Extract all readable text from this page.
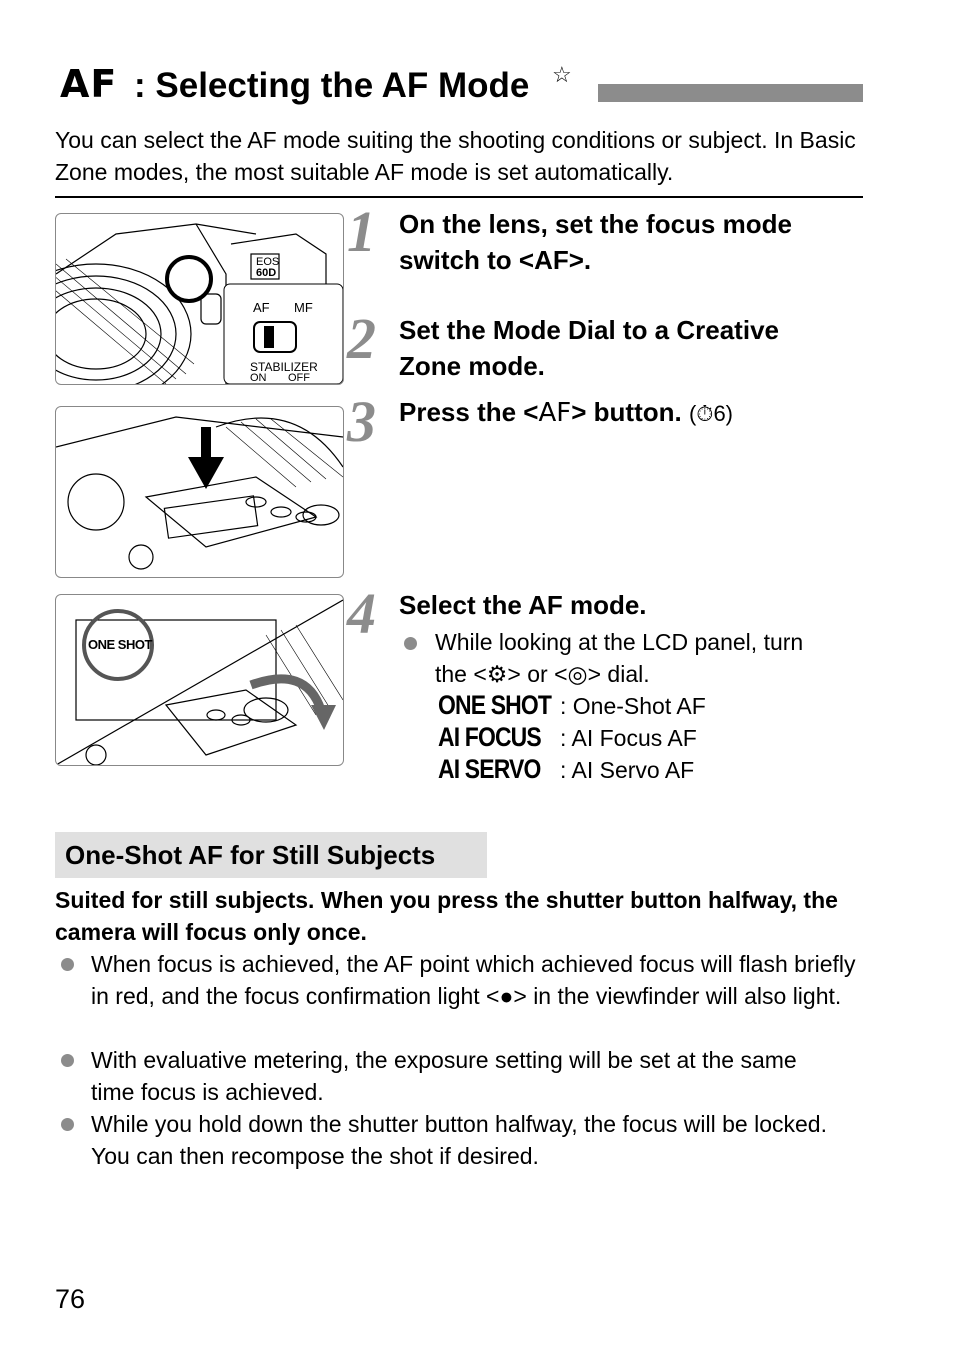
AF : Selecting the AF Mode ☆
You can select the AF mode suiting the shooting conditions or subject. In Basic Zone modes, the most suitable AF mode is set automatically.
AF MF
STABILIZER
ON OFF
EOS
60D
ONE SHOT
1 On the lens, set the focus mode switch to <AF>.
2 Set the Mode Dial to a Creative Zone mode.
3 Press the <AF> button. (⏱6)
4 Select the AF mode.
While looking at the LCD panel, turn
the <⚙> or <◎> dial.
ONE SHOT : One-Shot AF
AI FOCUS : AI Focus AF
AI SERVO : AI Servo AF
One-Shot AF for Still Subjects
Suited for still subjects. When you press the shutter button halfway, the camera will focus only once.
When focus is achieved, the AF point which achieved focus will flash briefly in red, and the focus confirmation light <●> in the viewfinder will also light.
With evaluative metering, the exposure setting will be set at the same time focus is achieved.
While you hold down the shutter button halfway, the focus will be locked. You can then recompose the shot if desired.
76
